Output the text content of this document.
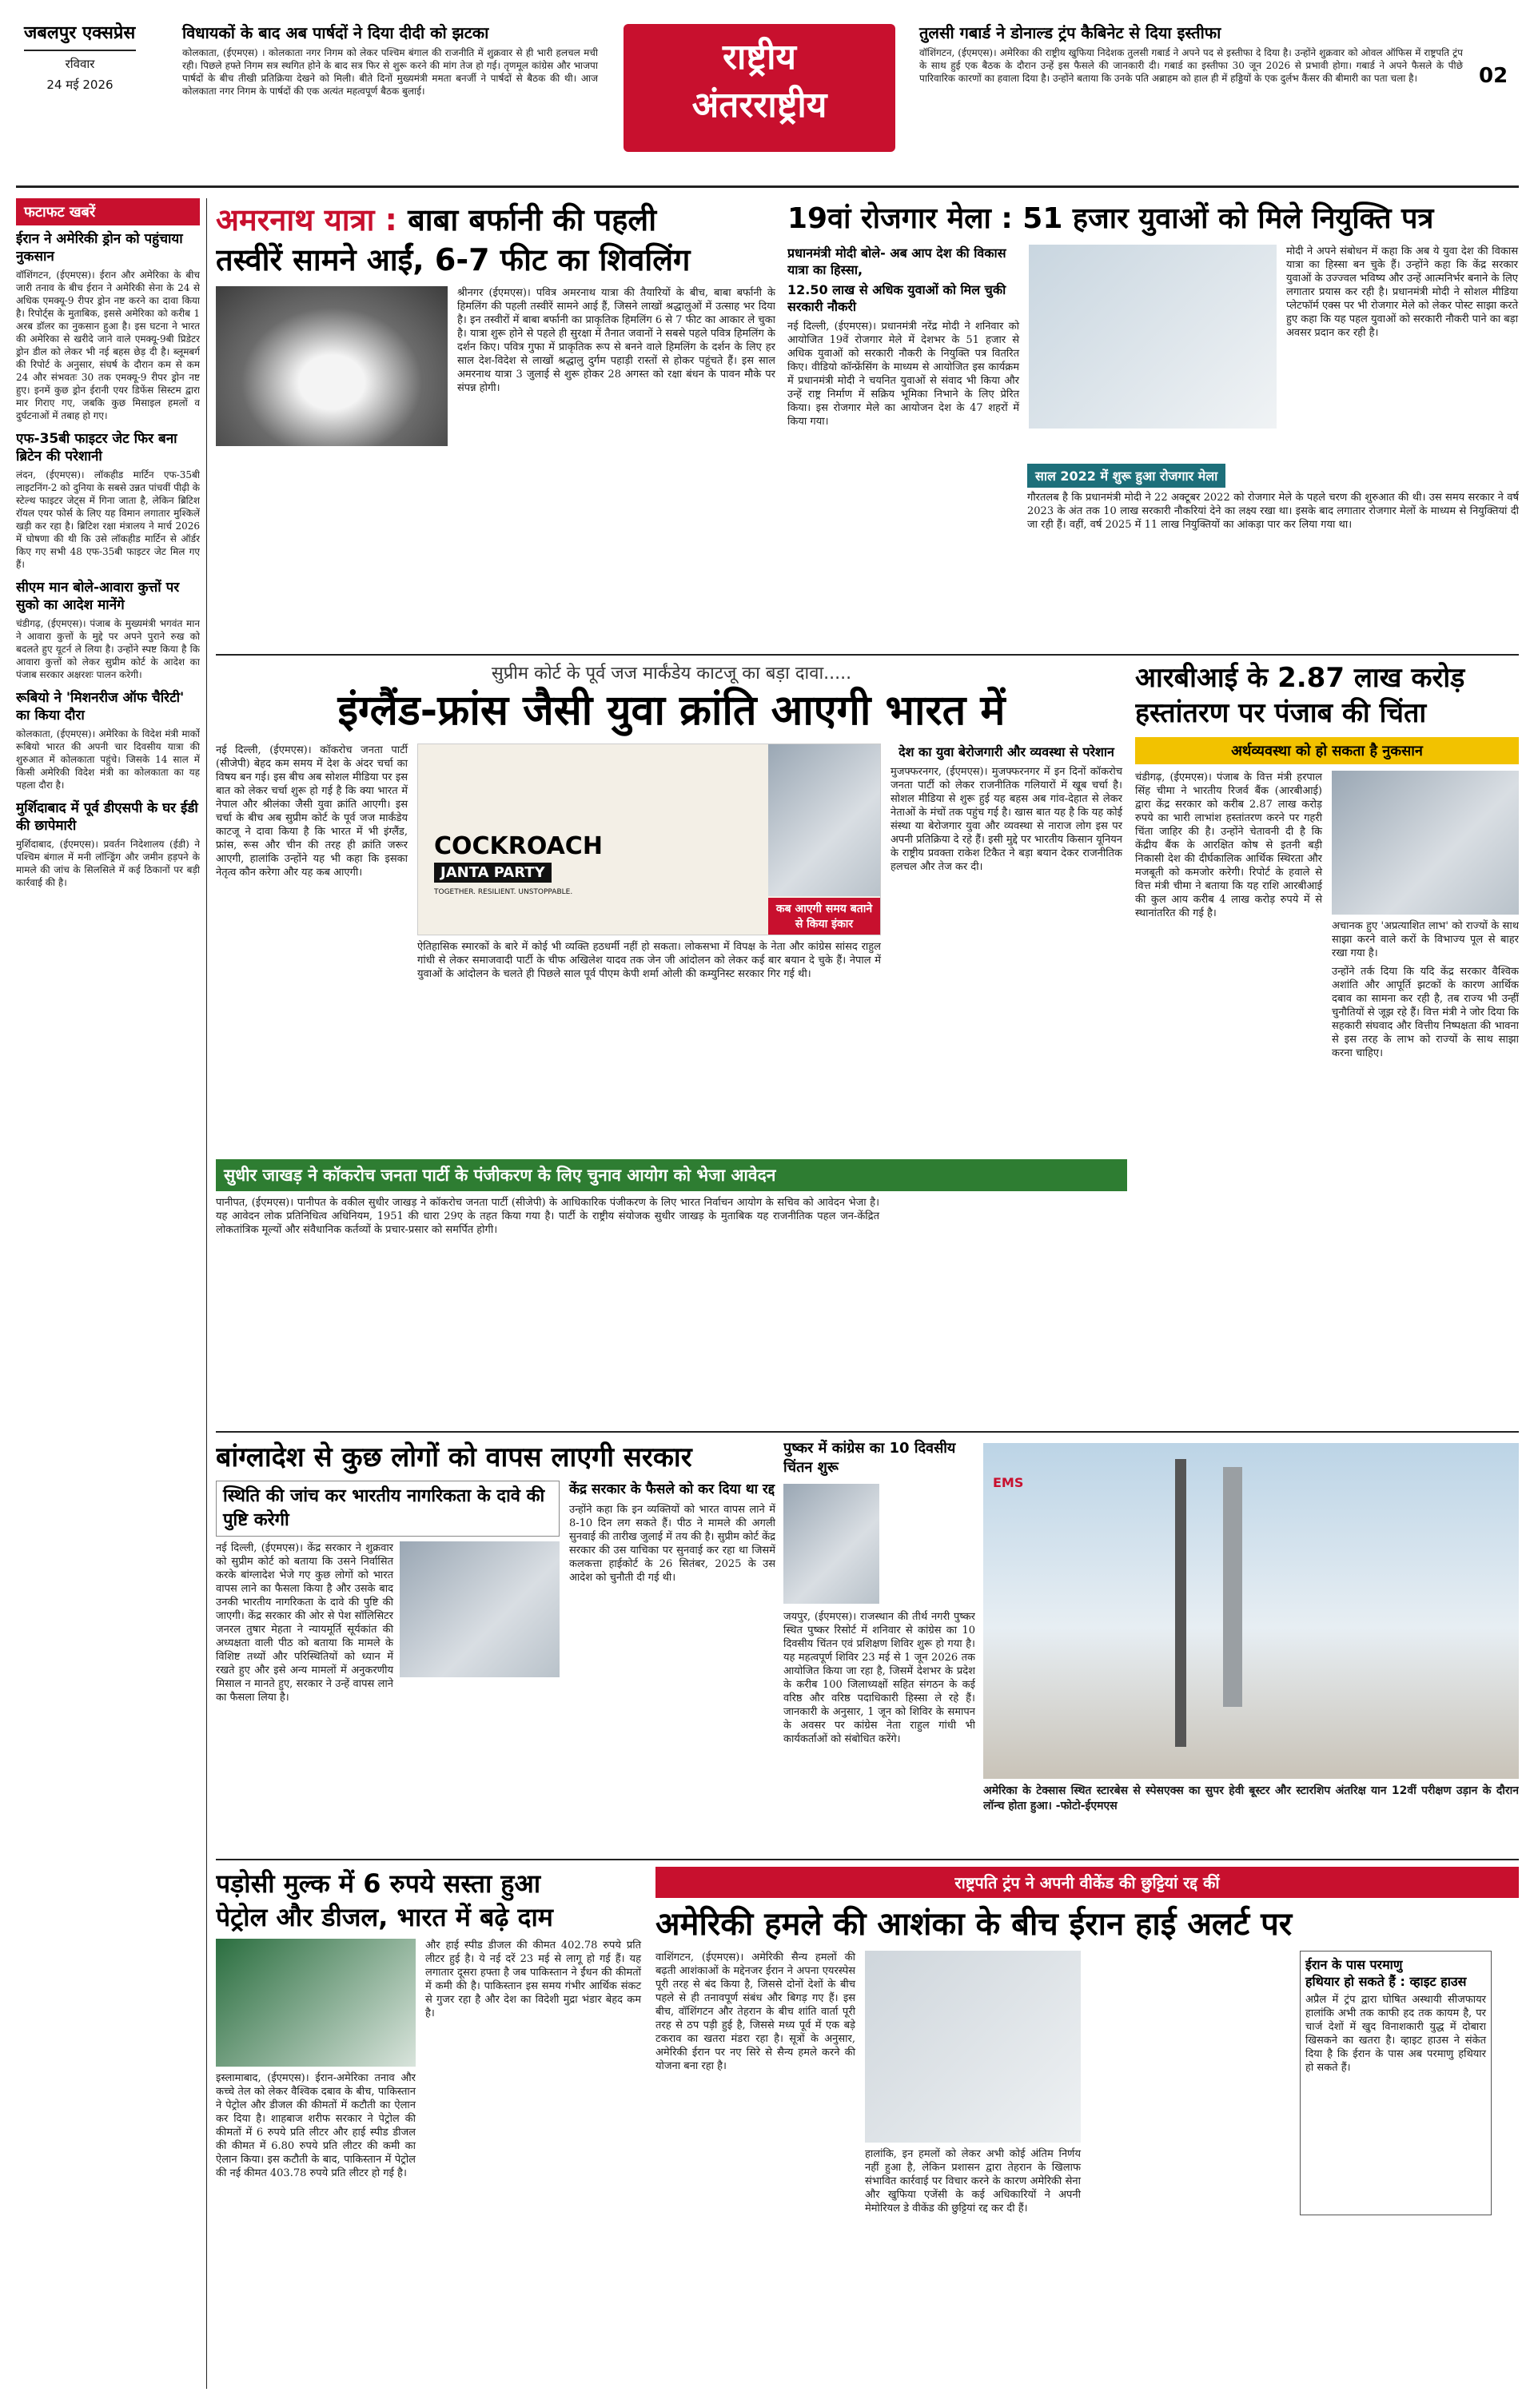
जबलपुर एक्सप्रेस
रविवार
24 मई 2026
विधायकों के बाद अब पार्षदों ने दिया दीदी को झटका
कोलकाता, (ईएमएस) । कोलकाता नगर निगम को लेकर पश्चिम बंगाल की राजनीति में शुक्रवार से ही भारी हलचल मची रही। पिछले हफ्ते निगम सत्र स्थगित होने के बाद सत्र फिर से शुरू करने की मांग तेज हो गई। तृणमूल कांग्रेस और भाजपा पार्षदों के बीच तीखी प्रतिक्रिया देखने को मिली। बीते दिनों मुख्यमंत्री ममता बनर्जी ने पार्षदों से बैठक की थी। आज कोलकाता नगर निगम के पार्षदों की एक अत्यंत महत्वपूर्ण बैठक बुलाई।
राष्ट्रीय
अंतरराष्ट्रीय
तुलसी गबार्ड ने डोनाल्ड ट्रंप कैबिनेट से दिया इस्तीफा
वॉशिंगटन, (ईएमएस)। अमेरिका की राष्ट्रीय खुफिया निदेशक तुलसी गबार्ड ने अपने पद से इस्तीफा दे दिया है। उन्होंने शुक्रवार को ओवल ऑफिस में राष्ट्रपति ट्रंप के साथ हुई एक बैठक के दौरान उन्हें इस फैसले की जानकारी दी। गबार्ड का इस्तीफा 30 जून 2026 से प्रभावी होगा। गबार्ड ने अपने फैसले के पीछे पारिवारिक कारणों का हवाला दिया है। उन्होंने बताया कि उनके पति अब्राहम को हाल ही में हड्डियों के एक दुर्लभ कैंसर की बीमारी का पता चला है।	02
फटाफट खबरें
ईरान ने अमेरिकी ड्रोन को पहुंचाया नुकसान
वॉशिंगटन, (ईएमएस)। ईरान और अमेरिका के बीच जारी तनाव के बीच ईरान ने अमेरिकी सेना के 24 से अधिक एमक्यू-9 रीपर ड्रोन नष्ट करने का दावा किया है। रिपोर्ट्स के मुताबिक, इससे अमेरिका को करीब 1 अरब डॉलर का नुकसान हुआ है। इस घटना ने भारत की अमेरिका से खरीदे जाने वाले एमक्यू-9बी प्रिडेटर ड्रोन डील को लेकर भी नई बहस छेड़ दी है। ब्लूमबर्ग की रिपोर्ट के अनुसार, संघर्ष के दौरान कम से कम 24 और संभवतः 30 तक एमक्यू-9 रीपर ड्रोन नष्ट हुए। इनमें कुछ ड्रोन ईरानी एयर डिफेंस सिस्टम द्वारा मार गिराए गए, जबकि कुछ मिसाइल हमलों व दुर्घटनाओं में तबाह हो गए।
एफ-35बी फाइटर जेट फिर बना ब्रिटेन की परेशानी
लंदन, (ईएमएस)। लॉकहीड मार्टिन एफ-35बी लाइटनिंग-2 को दुनिया के सबसे उन्नत पांचवीं पीढ़ी के स्टेल्थ फाइटर जेट्स में गिना जाता है, लेकिन ब्रिटिश रॉयल एयर फोर्स के लिए यह विमान लगातार मुश्किलें खड़ी कर रहा है। ब्रिटिश रक्षा मंत्रालय ने मार्च 2026 में घोषणा की थी कि उसे लॉकहीड मार्टिन से ऑर्डर किए गए सभी 48 एफ-35बी फाइटर जेट मिल गए हैं।
सीएम मान बोले-आवारा कुत्तों पर सुको का आदेश मानेंगे
चंडीगढ़, (ईएमएस)। पंजाब के मुख्यमंत्री भगवंत मान ने आवारा कुत्तों के मुद्दे पर अपने पुराने रुख को बदलते हुए यूटर्न ले लिया है। उन्होंने स्पष्ट किया है कि आवारा कुत्तों को लेकर सुप्रीम कोर्ट के आदेश का पंजाब सरकार अक्षरशः पालन करेगी।
रूबियो ने 'मिशनरीज ऑफ चैरिटी' का किया दौरा
कोलकाता, (ईएमएस)। अमेरिका के विदेश मंत्री मार्को रूबियो भारत की अपनी चार दिवसीय यात्रा की शुरुआत में कोलकाता पहुंचे। जिसके 14 साल में किसी अमेरिकी विदेश मंत्री का कोलकाता का यह पहला दौरा है।
मुर्शिदाबाद में पूर्व डीएसपी के घर ईडी की छापेमारी
मुर्शिदाबाद, (ईएमएस)। प्रवर्तन निदेशालय (ईडी) ने पश्चिम बंगाल में मनी लॉन्ड्रिंग और जमीन हड़पने के मामले की जांच के सिलसिले में कई ठिकानों पर बड़ी कार्रवाई की है।
अमरनाथ यात्रा : बाबा बर्फानी की पहली
तस्वीरें सामने आईं, 6-7 फीट का शिवलिंग
श्रीनगर (ईएमएस)। पवित्र अमरनाथ यात्रा की तैयारियों के बीच, बाबा बर्फानी के हिमलिंग की पहली तस्वीरें सामने आई हैं, जिसने लाखों श्रद्धालुओं में उत्साह भर दिया है। इन तस्वीरों में बाबा बर्फानी का प्राकृतिक हिमलिंग 6 से 7 फीट का आकार ले चुका है। यात्रा शुरू होने से पहले ही सुरक्षा में तैनात जवानों ने सबसे पहले पवित्र हिमलिंग के दर्शन किए। पवित्र गुफा में प्राकृतिक रूप से बनने वाले हिमलिंग के दर्शन के लिए हर साल देश-विदेश से लाखों श्रद्धालु दुर्गम पहाड़ी रास्तों से होकर पहुंचते हैं। इस साल अमरनाथ यात्रा 3 जुलाई से शुरू होकर 28 अगस्त को रक्षा बंधन के पावन मौके पर संपन्न होगी।
19वां रोजगार मेला : 51 हजार युवाओं को मिले नियुक्ति पत्र
प्रधानमंत्री मोदी बोले- अब आप देश की विकास यात्रा का हिस्सा,
12.50 लाख से अधिक युवाओं को मिल चुकी सरकारी नौकरी
नई दिल्ली, (ईएमएस)। प्रधानमंत्री नरेंद्र मोदी ने शनिवार को आयोजित 19वें रोजगार मेले में देशभर के 51 हजार से अधिक युवाओं को सरकारी नौकरी के नियुक्ति पत्र वितरित किए। वीडियो कॉन्फ्रेंसिंग के माध्यम से आयोजित इस कार्यक्रम में प्रधानमंत्री मोदी ने चयनित युवाओं से संवाद भी किया और उन्हें राष्ट्र निर्माण में सक्रिय भूमिका निभाने के लिए प्रेरित किया। इस रोजगार मेले का आयोजन देश के 47 शहरों में किया गया।
मोदी ने अपने संबोधन में कहा कि अब ये युवा देश की विकास यात्रा का हिस्सा बन चुके हैं। उन्होंने कहा कि केंद्र सरकार युवाओं के उज्ज्वल भविष्य और उन्हें आत्मनिर्भर बनाने के लिए लगातार प्रयास कर रही है। प्रधानमंत्री मोदी ने सोशल मीडिया प्लेटफॉर्म एक्स पर भी रोजगार मेले को लेकर पोस्ट साझा करते हुए कहा कि यह पहल युवाओं को सरकारी नौकरी पाने का बड़ा अवसर प्रदान कर रही है।
साल 2022 में शुरू हुआ रोजगार मेला
गौरतलब है कि प्रधानमंत्री मोदी ने 22 अक्टूबर 2022 को रोजगार मेले के पहले चरण की शुरुआत की थी। उस समय सरकार ने वर्ष 2023 के अंत तक 10 लाख सरकारी नौकरियां देने का लक्ष्य रखा था। इसके बाद लगातार रोजगार मेलों के माध्यम से नियुक्तियां दी जा रही हैं। वहीं, वर्ष 2025 में 11 लाख नियुक्तियों का आंकड़ा पार कर लिया गया था।
सुप्रीम कोर्ट के पूर्व जज मार्कंडेय काटजू का बड़ा दावा.....
इंग्लैंड-फ्रांस जैसी युवा क्रांति आएगी भारत में
नई दिल्ली, (ईएमएस)। कॉकरोच जनता पार्टी (सीजेपी) बेहद कम समय में देश के अंदर चर्चा का विषय बन गई। इस बीच अब सोशल मीडिया पर इस बात को लेकर चर्चा शुरू हो गई है कि क्या भारत में नेपाल और श्रीलंका जैसी युवा क्रांति आएगी। इस चर्चा के बीच अब सुप्रीम कोर्ट के पूर्व जज मार्कंडेय काटजू ने दावा किया है कि भारत में भी इंग्लैंड, फ्रांस, रूस और चीन की तरह ही क्रांति जरूर आएगी, हालांकि उन्होंने यह भी कहा कि इसका नेतृत्व कौन करेगा और यह कब आएगी।
COCKROACH
JANTA PARTY
TOGETHER. RESILIENT. UNSTOPPABLE.
कब आएगी समय बताने से किया इंकार
ऐतिहासिक स्मारकों के बारे में कोई भी व्यक्ति हठधर्मी नहीं हो सकता। लोकसभा में विपक्ष के नेता और कांग्रेस सांसद राहुल गांधी से लेकर समाजवादी पार्टी के चीफ अखिलेश यादव तक जेन जी आंदोलन को लेकर कई बार बयान दे चुके हैं। नेपाल में युवाओं के आंदोलन के चलते ही पिछले साल पूर्व पीएम केपी शर्मा ओली की कम्युनिस्ट सरकार गिर गई थी।
देश का युवा बेरोजगारी और व्यवस्था से परेशान
मुजफ्फरनगर, (ईएमएस)। मुजफ्फरनगर में इन दिनों कॉकरोच जनता पार्टी को लेकर राजनीतिक गलियारों में खूब चर्चा है। सोशल मीडिया से शुरू हुई यह बहस अब गांव-देहात से लेकर नेताओं के मंचों तक पहुंच गई है। खास बात यह है कि यह कोई संस्था या बेरोजगार युवा और व्यवस्था से नाराज लोग इस पर अपनी प्रतिक्रिया दे रहे हैं। इसी मुद्दे पर भारतीय किसान यूनियन के राष्ट्रीय प्रवक्ता राकेश टिकैत ने बड़ा बयान देकर राजनीतिक हलचल और तेज कर दी।
सुधीर जाखड़ ने कॉकरोच जनता पार्टी के पंजीकरण के लिए चुनाव आयोग को भेजा आवेदन
पानीपत, (ईएमएस)। पानीपत के वकील सुधीर जाखड़ ने कॉकरोच जनता पार्टी (सीजेपी) के आधिकारिक पंजीकरण के लिए भारत निर्वाचन आयोग के सचिव को आवेदन भेजा है। यह आवेदन लोक प्रतिनिधित्व अधिनियम, 1951 की धारा 29ए के तहत किया गया है। पार्टी के राष्ट्रीय संयोजक सुधीर जाखड़ के मुताबिक यह राजनीतिक पहल जन-केंद्रित लोकतांत्रिक मूल्यों और संवैधानिक कर्तव्यों के प्रचार-प्रसार को समर्पित होगी।
आरबीआई के 2.87 लाख करोड़
हस्तांतरण पर पंजाब की चिंता
अर्थव्यवस्था को हो सकता है नुकसान
चंडीगढ़, (ईएमएस)। पंजाब के वित्त मंत्री हरपाल सिंह चीमा ने भारतीय रिजर्व बैंक (आरबीआई) द्वारा केंद्र सरकार को करीब 2.87 लाख करोड़ रुपये का भारी लाभांश हस्तांतरण करने पर गहरी चिंता जाहिर की है। उन्होंने चेतावनी दी है कि केंद्रीय बैंक के आरक्षित कोष से इतनी बड़ी निकासी देश की दीर्घकालिक आर्थिक स्थिरता और मजबूती को कमजोर करेगी। रिपोर्ट के हवाले से वित्त मंत्री चीमा ने बताया कि यह राशि आरबीआई की कुल आय करीब 4 लाख करोड़ रुपये में से स्थानांतरित की गई है।
अचानक हुए 'अप्रत्याशित लाभ' को राज्यों के साथ साझा करने वाले करों के विभाज्य पूल से बाहर रखा गया है।
उन्होंने तर्क दिया कि यदि केंद्र सरकार वैश्विक अशांति और आपूर्ति झटकों के कारण आर्थिक दबाव का सामना कर रही है, तब राज्य भी उन्हीं चुनौतियों से जूझ रहे हैं। वित्त मंत्री ने जोर दिया कि सहकारी संघवाद और वित्तीय निष्पक्षता की भावना से इस तरह के लाभ को राज्यों के साथ साझा करना चाहिए।
बांग्लादेश से कुछ लोगों को वापस लाएगी सरकार
स्थिति की जांच कर भारतीय नागरिकता के दावे की पुष्टि करेगी
नई दिल्ली, (ईएमएस)। केंद्र सरकार ने शुक्रवार को सुप्रीम कोर्ट को बताया कि उसने निर्वासित करके बांग्लादेश भेजे गए कुछ लोगों को भारत वापस लाने का फैसला किया है और उसके बाद उनकी भारतीय नागरिकता के दावे की पुष्टि की जाएगी। केंद्र सरकार की ओर से पेश सॉलिसिटर जनरल तुषार मेहता ने न्यायमूर्ति सूर्यकांत की अध्यक्षता वाली पीठ को बताया कि मामले के विशिष्ट तथ्यों और परिस्थितियों को ध्यान में रखते हुए और इसे अन्य मामलों में अनुकरणीय मिसाल न मानते हुए, सरकार ने उन्हें वापस लाने का फैसला लिया है।
केंद्र सरकार के फैसले को कर दिया था रद्द
उन्होंने कहा कि इन व्यक्तियों को भारत वापस लाने में 8-10 दिन लग सकते हैं। पीठ ने मामले की अगली सुनवाई की तारीख जुलाई में तय की है। सुप्रीम कोर्ट केंद्र सरकार की उस याचिका पर सुनवाई कर रहा था जिसमें कलकत्ता हाईकोर्ट के 26 सितंबर, 2025 के उस आदेश को चुनौती दी गई थी।
पुष्कर में कांग्रेस का 10 दिवसीय चिंतन शुरू
जयपुर, (ईएमएस)। राजस्थान की तीर्थ नगरी पुष्कर स्थित पुष्कर रिसोर्ट में शनिवार से कांग्रेस का 10 दिवसीय चिंतन एवं प्रशिक्षण शिविर शुरू हो गया है। यह महत्वपूर्ण शिविर 23 मई से 1 जून 2026 तक आयोजित किया जा रहा है, जिसमें देशभर के प्रदेश के करीब 100 जिलाध्यक्षों सहित संगठन के कई वरिष्ठ और वरिष्ठ पदाधिकारी हिस्सा ले रहे हैं। जानकारी के अनुसार, 1 जून को शिविर के समापन के अवसर पर कांग्रेस नेता राहुल गांधी भी कार्यकर्ताओं को संबोधित करेंगे।
EMS
अमेरिका के टेक्सास स्थित स्टारबेस से स्पेसएक्स का सुपर हेवी बूस्टर और स्टारशिप अंतरिक्ष यान 12वीं परीक्षण उड़ान के दौरान लॉन्च होता हुआ। -फोटो-ईएमएस
पड़ोसी मुल्क में 6 रुपये सस्ता हुआ
पेट्रोल और डीजल, भारत में बढ़े दाम
इस्लामाबाद, (ईएमएस)। ईरान-अमेरिका तनाव और कच्चे तेल को लेकर वैश्विक दबाव के बीच, पाकिस्तान ने पेट्रोल और डीजल की कीमतों में कटौती का ऐलान कर दिया है। शाहबाज शरीफ सरकार ने पेट्रोल की कीमतों में 6 रुपये प्रति लीटर और हाई स्पीड डीजल की कीमत में 6.80 रुपये प्रति लीटर की कमी का ऐलान किया। इस कटौती के बाद, पाकिस्तान में पेट्रोल की नई कीमत 403.78 रुपये प्रति लीटर हो गई है।
और हाई स्पीड डीजल की कीमत 402.78 रुपये प्रति लीटर हुई है। ये नई दरें 23 मई से लागू हो गई हैं। यह लगातार दूसरा हफ्ता है जब पाकिस्तान ने ईंधन की कीमतों में कमी की है। पाकिस्तान इस समय गंभीर आर्थिक संकट से गुजर रहा है और देश का विदेशी मुद्रा भंडार बेहद कम है।
राष्ट्रपति ट्रंप ने अपनी वीकेंड की छुट्टियां रद्द कीं
अमेरिकी हमले की आशंका के बीच ईरान हाई अलर्ट पर
वाशिंगटन, (ईएमएस)। अमेरिकी सैन्य हमलों की बढ़ती आशंकाओं के मद्देनजर ईरान ने अपना एयरस्पेस पूरी तरह से बंद किया है, जिससे दोनों देशों के बीच पहले से ही तनावपूर्ण संबंध और बिगड़ गए हैं। इस बीच, वॉशिंगटन और तेहरान के बीच शांति वार्ता पूरी तरह से ठप पड़ी हुई है, जिससे मध्य पूर्व में एक बड़े टकराव का खतरा मंडरा रहा है। सूत्रों के अनुसार, अमेरिकी ईरान पर नए सिरे से सैन्य हमले करने की योजना बना रहा है।
हालांकि, इन हमलों को लेकर अभी कोई अंतिम निर्णय नहीं हुआ है, लेकिन प्रशासन द्वारा तेहरान के खिलाफ संभावित कार्रवाई पर विचार करने के कारण अमेरिकी सेना और खुफिया एजेंसी के कई अधिकारियों ने अपनी मेमोरियल डे वीकेंड की छुट्टियां रद्द कर दी हैं।
ईरान के पास परमाणु
हथियार हो सकते हैं : व्हाइट हाउस
अप्रैल में ट्रंप द्वारा घोषित अस्थायी सीजफायर हालांकि अभी तक काफी हद तक कायम है, पर चार्ज देशों में खुद विनाशकारी युद्ध में दोबारा खिसकने का खतरा है। व्हाइट हाउस ने संकेत दिया है कि ईरान के पास अब परमाणु हथियार हो सकते हैं।
